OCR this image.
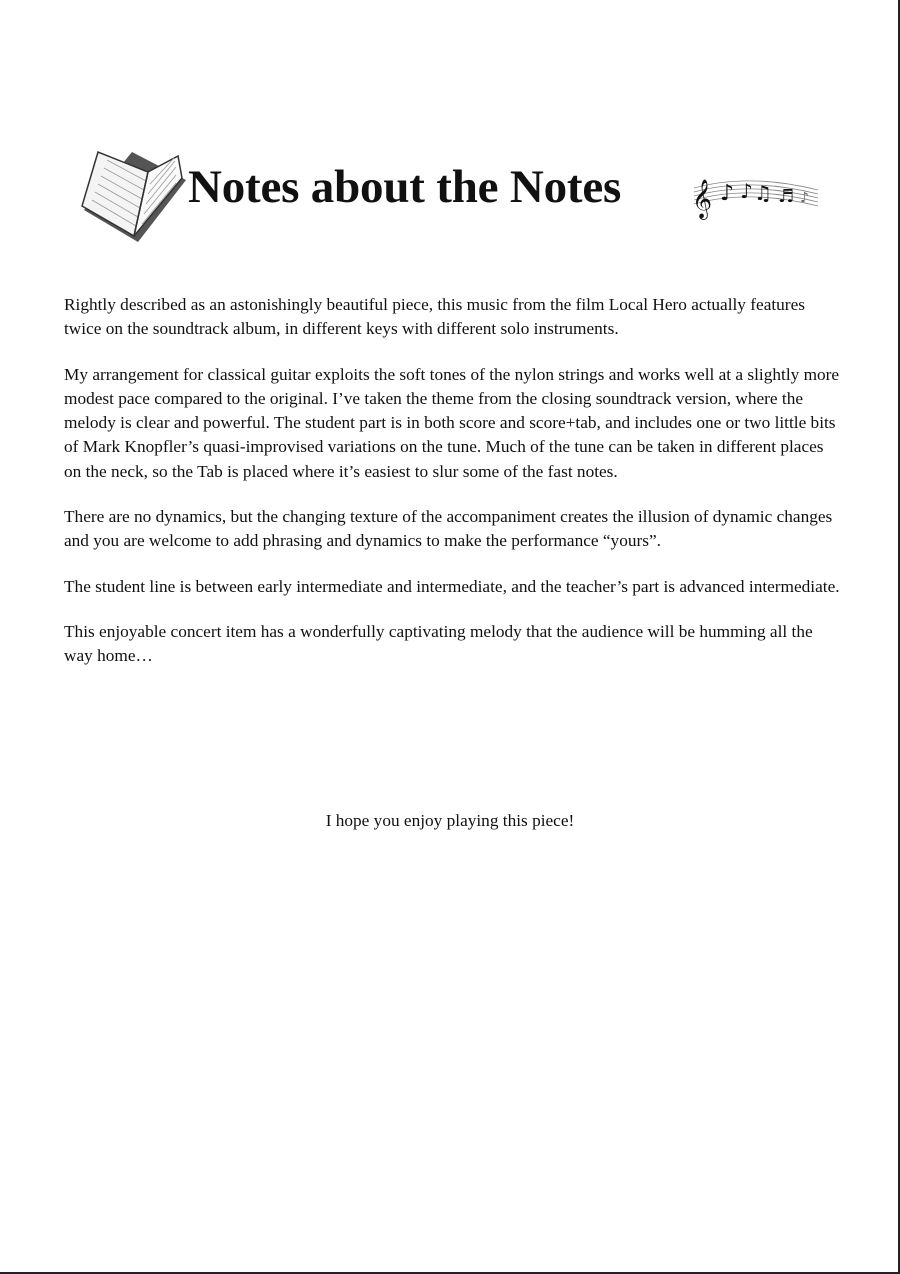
Notes about the Notes 𝄞 ♪ ♪ ♫ ♬ ♪

Rightly described as an astonishingly beautiful piece, this music from the film Local Hero actually features twice on the soundtrack album, in different keys with different solo instruments.

My arrangement for classical guitar exploits the soft tones of the nylon strings and works well at a slightly more modest pace compared to the original. I’ve taken the theme from the closing soundtrack version, where the melody is clear and powerful. The student part is in both score and score+tab, and includes one or two little bits of Mark Knopfler’s quasi-improvised variations on the tune. Much of the tune can be taken in different places on the neck, so the Tab is placed where it’s easiest to slur some of the fast notes.

There are no dynamics, but the changing texture of the accompaniment creates the illusion of dynamic changes and you are welcome to add phrasing and dynamics to make the performance “yours”.

The student line is between early intermediate and intermediate, and the teacher’s part is advanced intermediate.

This enjoyable concert item has a wonderfully captivating melody that the audience will be humming all the way home…

I hope you enjoy playing this piece!
